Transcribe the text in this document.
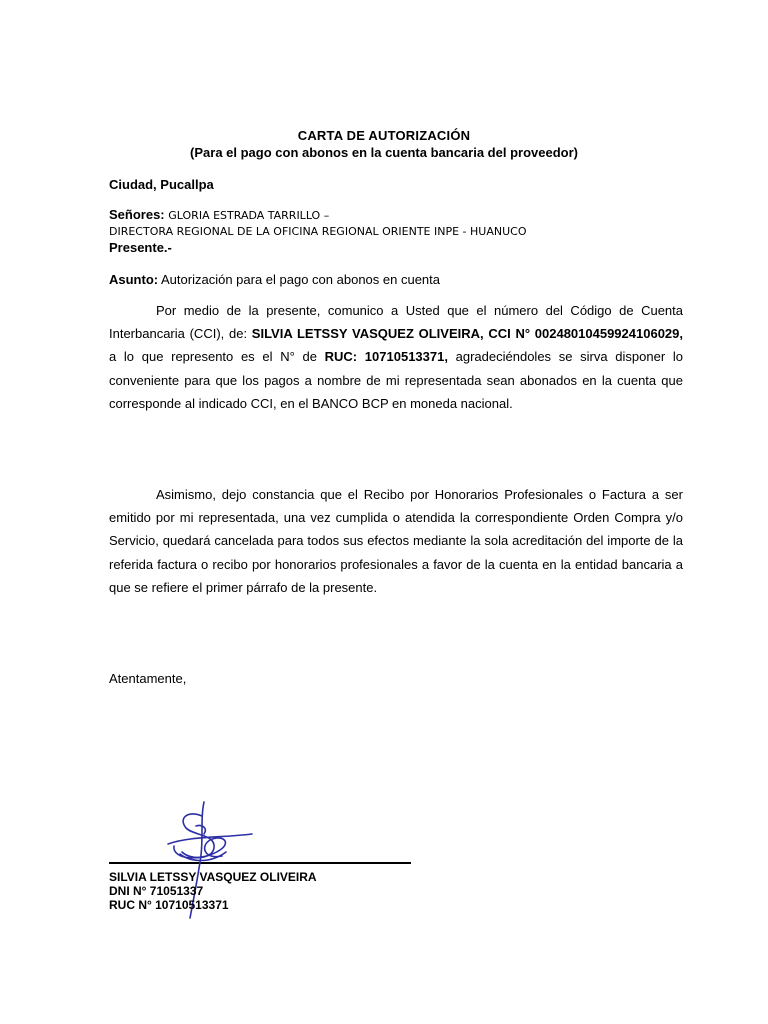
CARTA DE AUTORIZACIÓN
(Para el pago con abonos en la cuenta bancaria del proveedor)
Ciudad, Pucallpa
Señores: GLORIA ESTRADA TARRILLO –
DIRECTORA REGIONAL DE LA OFICINA REGIONAL ORIENTE INPE - HUANUCO
Presente.-
Asunto: Autorización para el pago con abonos en cuenta

Por medio de la presente, comunico a Usted que el número del Código de Cuenta Interbancaria (CCI), de: SILVIA LETSSY VASQUEZ OLIVEIRA, CCI N° 00248010459924106029, a lo que represento es el N° de RUC: 10710513371, agradeciéndoles se sirva disponer lo conveniente para que los pagos a nombre de mi representada sean abonados en la cuenta que corresponde al indicado CCI, en el BANCO BCP en moneda nacional.

Asimismo, dejo constancia que el Recibo por Honorarios Profesionales o Factura a ser emitido por mi representada, una vez cumplida o atendida la correspondiente Orden Compra y/o Servicio, quedará cancelada para todos sus efectos mediante la sola acreditación del importe de la referida factura o recibo por honorarios profesionales a favor de la cuenta en la entidad bancaria a que se refiere el primer párrafo de la presente.

Atentamente,
SILVIA LETSSY VASQUEZ OLIVEIRA
DNI N° 71051337
RUC N° 10710513371
